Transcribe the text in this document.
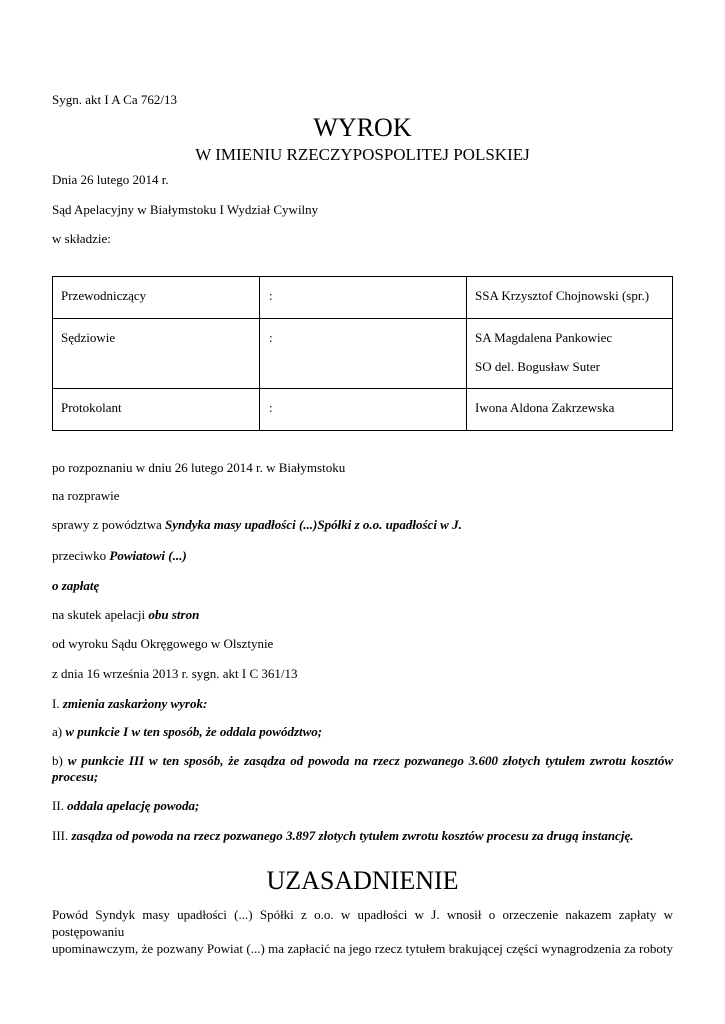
Sygn. akt I A Ca 762/13
WYROK
W IMIENIU RZECZYPOSPOLITEJ POLSKIEJ
Dnia 26 lutego 2014 r.
Sąd Apelacyjny w Białymstoku I Wydział Cywilny
w składzie:
Przewodniczący	:	SSA Krzysztof Chojnowski (spr.)
Sędziowie	:	SA Magdalena Pankowiec
SO del. Bogusław Suter

Protokolant	:	Iwona Aldona Zakrzewska
po rozpoznaniu w dniu 26 lutego 2014 r. w Białymstoku
na rozprawie
sprawy z powództwa Syndyka masy upadłości (...)Spółki z o.o. upadłości w J.
przeciwko Powiatowi (...)
o zapłatę
na skutek apelacji obu stron
od wyroku Sądu Okręgowego w Olsztynie
z dnia 16 września 2013 r. sygn. akt I C 361/13
I. zmienia zaskarżony wyrok:
a) w punkcie I w ten sposób, że oddala powództwo;
b) w punkcie III w ten sposób, że zasądza od powoda na rzecz pozwanego 3.600 złotych tytułem zwrotu kosztów procesu;
II. oddala apelację powoda;
III. zasądza od powoda na rzecz pozwanego 3.897 złotych tytułem zwrotu kosztów procesu za drugą instancję.
UZASADNIENIE
Powód Syndyk masy upadłości (...) Spółki z o.o. w upadłości w J. wnosił o orzeczenie nakazem zapłaty w postępowaniu
upominawczym, że pozwany Powiat (...) ma zapłacić na jego rzecz tytułem brakującej części wynagrodzenia za roboty
